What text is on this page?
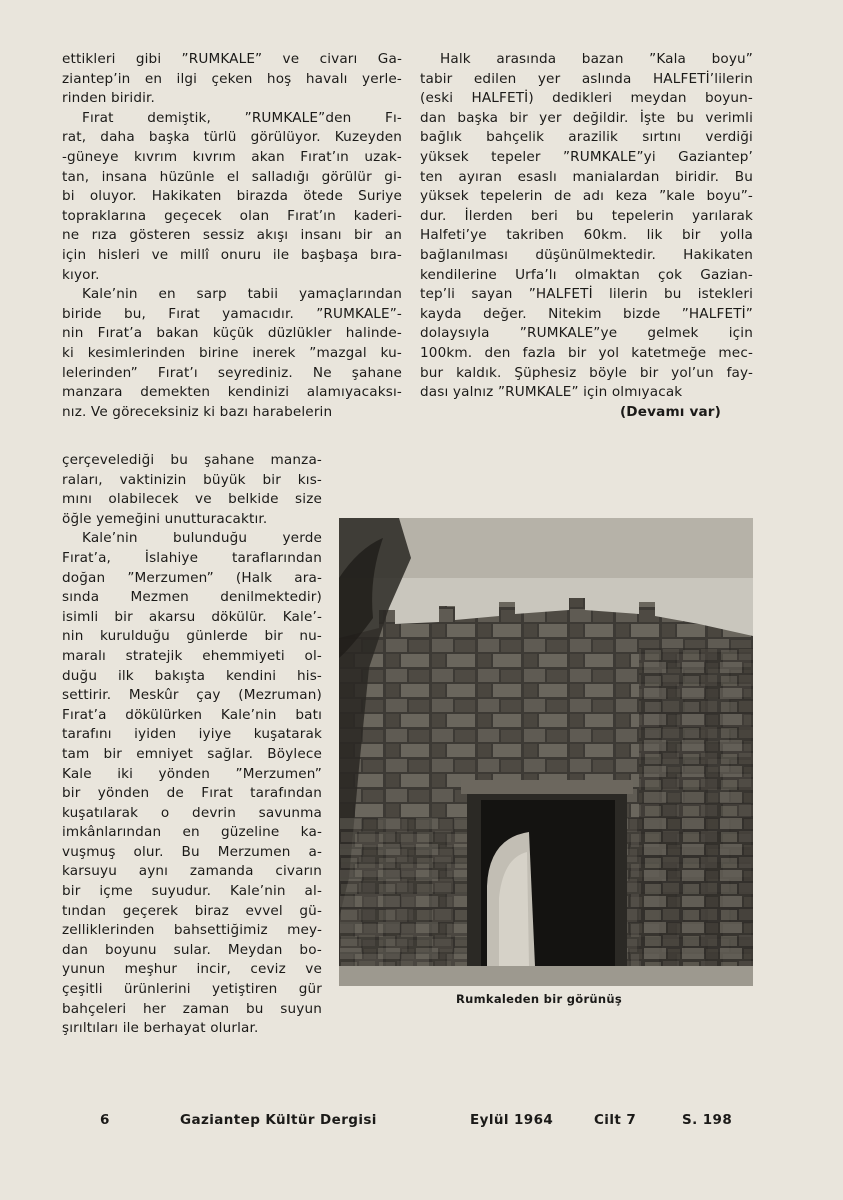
ettikleri gibi ”RUMKALE” ve civarı Ga-
ziantep’in en ilgi çeken hoş havalı yerle-
rinden biridir.
Fırat demiştik, ”RUMKALE”den Fı-
rat, daha başka türlü görülüyor. Kuzeyden
-güneye kıvrım kıvrım akan Fırat’ın uzak-
tan, insana hüzünle el salladığı görülür gi-
bi oluyor. Hakikaten birazda ötede Suriye
topraklarına geçecek olan Fırat’ın kaderi-
ne rıza gösteren sessiz akışı insanı bir an
için hisleri ve millî onuru ile başbaşa bıra-
kıyor.
Kale’nin en sarp tabii yamaçlarından
biride bu, Fırat yamacıdır. ”RUMKALE”-
nin Fırat’a bakan küçük düzlükler halinde-
ki kesimlerinden birine inerek ”mazgal ku-
lelerinden” Fırat’ı seyrediniz. Ne şahane
manzara demekten kendinizi alamıyacaksı-
nız. Ve göreceksiniz ki bazı harabelerin
çerçevelediği bu şahane manza-
raları, vaktinizin büyük bir kıs-
mını olabilecek ve belkide size
öğle yemeğini unutturacaktır.
Kale’nin bulunduğu yerde
Fırat’a, İslahiye taraflarından
doğan ”Merzumen” (Halk ara-
sında Mezmen denilmektedir)
isimli bir akarsu dökülür. Kale’-
nin kurulduğu günlerde bir nu-
maralı stratejik ehemmiyeti ol-
duğu ilk bakışta kendini his-
settirir. Meskûr çay (Mezruman)
Fırat’a dökülürken Kale’nin batı
tarafını iyiden iyiye kuşatarak
tam bir emniyet sağlar. Böylece
Kale iki yönden ”Merzumen”
bir yönden de Fırat tarafından
kuşatılarak o devrin savunma
imkânlarından en güzeline ka-
vuşmuş olur. Bu Merzumen a-
karsuyu aynı zamanda civarın
bir içme suyudur. Kale’nin al-
tından geçerek biraz evvel gü-
zelliklerinden bahsettiğimiz mey-
dan boyunu sular. Meydan bo-
yunun meşhur incir, ceviz ve
çeşitli ürünlerini yetiştiren gür
bahçeleri her zaman bu suyun
şırıltıları ile berhayat olurlar.
Halk arasında bazan ”Kala boyu”
tabir edilen yer aslında HALFETİ’lilerin
(eski HALFETİ) dedikleri meydan boyun-
dan başka bir yer değildir. İşte bu verimli
bağlık bahçelik arazilik sırtını verdiği
yüksek tepeler ”RUMKALE”yi Gaziantep’
ten ayıran esaslı manialardan biridir. Bu
yüksek tepelerin de adı keza ”kale boyu”-
dur. İlerden beri bu tepelerin yarılarak
Halfeti’ye takriben 60km. lik bir yolla
bağlanılması düşünülmektedir. Hakikaten
kendilerine Urfa’lı olmaktan çok Gazian-
tep’li sayan ”HALFETİ lilerin bu istekleri
kayda değer. Nitekim bizde ”HALFETİ”
dolaysıyla ”RUMKALE”ye gelmek için
100km. den fazla bir yol katetmeğe mec-
bur kaldık. Şüphesiz böyle bir yol’un fay-
dası yalnız ”RUMKALE” için olmıyacak
(Devamı var)
Rumkaleden bir görünüş
6	Gaziantep Kültür Dergisi	Eylül 1964	Cilt 7	S. 198
